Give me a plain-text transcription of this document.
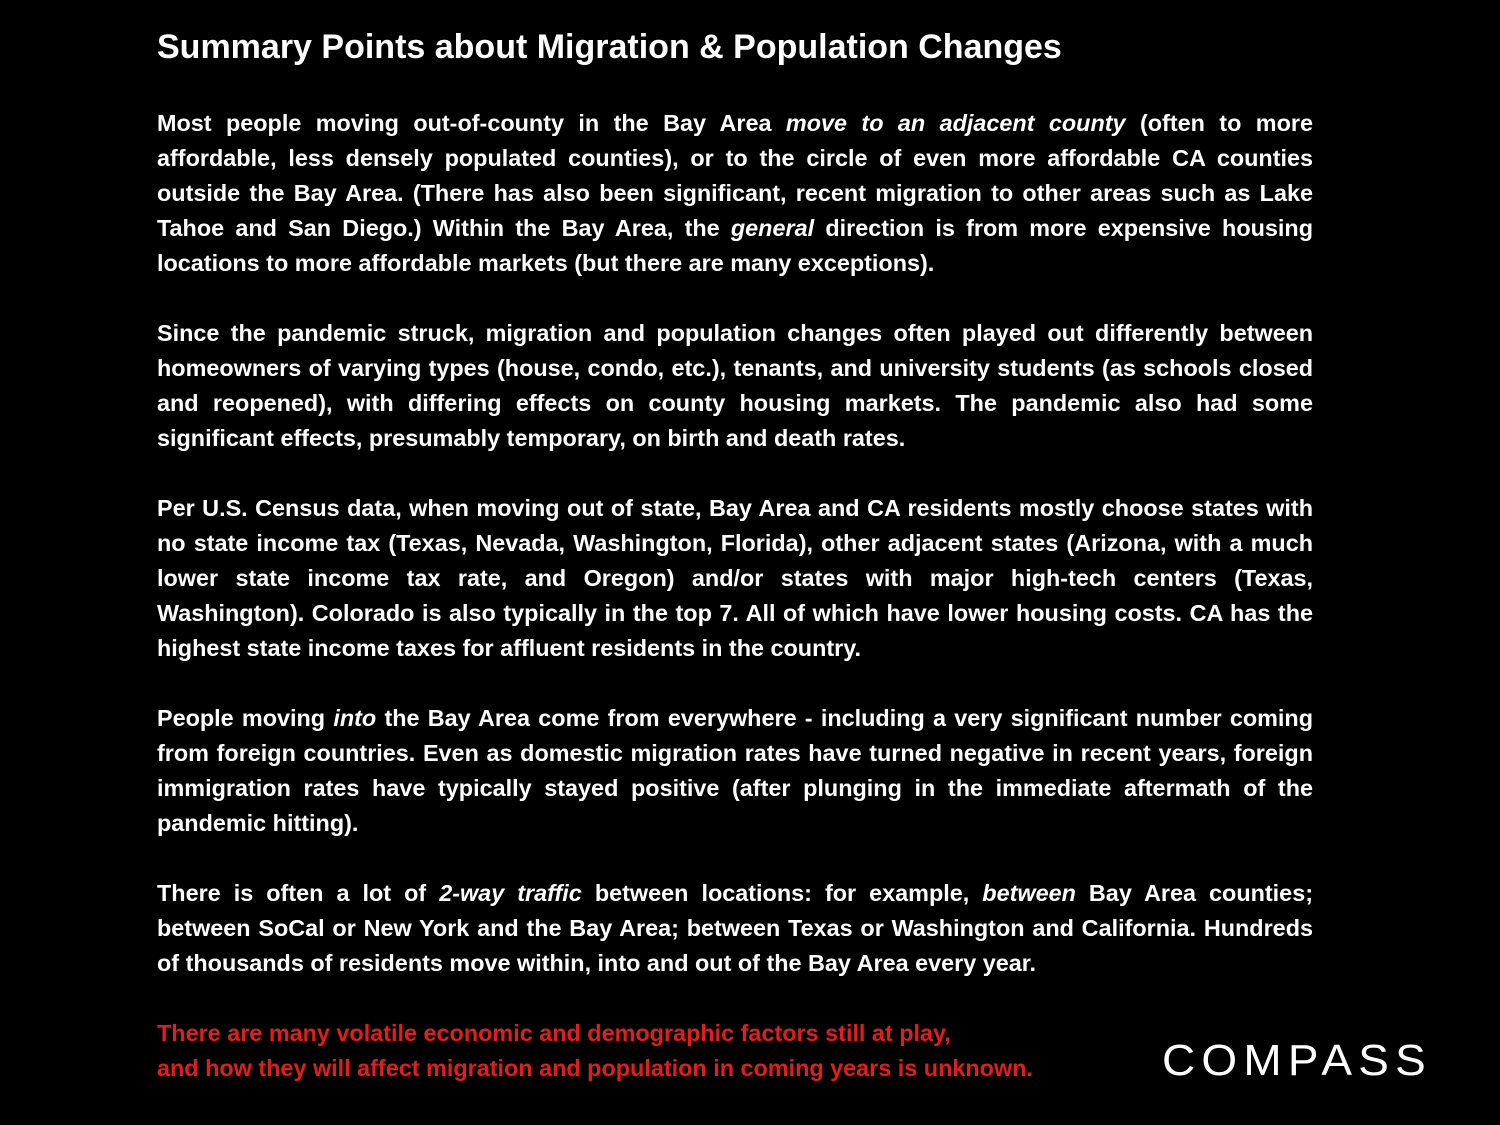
Summary Points about Migration & Population Changes

Most people moving out-of-county in the Bay Area move to an adjacent county (often to more affordable, less densely populated counties), or to the circle of even more affordable CA counties outside the Bay Area. (There has also been significant, recent migration to other areas such as Lake Tahoe and San Diego.) Within the Bay Area, the general direction is from more expensive housing locations to more affordable markets (but there are many exceptions).

Since the pandemic struck, migration and population changes often played out differently between homeowners of varying types (house, condo, etc.), tenants, and university students (as schools closed and reopened), with differing effects on county housing markets. The pandemic also had some significant effects, presumably temporary, on birth and death rates.

Per U.S. Census data, when moving out of state, Bay Area and CA residents mostly choose states with no state income tax (Texas, Nevada, Washington, Florida), other adjacent states (Arizona, with a much lower state income tax rate, and Oregon) and/or states with major high-tech centers (Texas, Washington). Colorado is also typically in the top 7. All of which have lower housing costs. CA has the highest state income taxes for affluent residents in the country.

People moving into the Bay Area come from everywhere - including a very significant number coming from foreign countries. Even as domestic migration rates have turned negative in recent years, foreign immigration rates have typically stayed positive (after plunging in the immediate aftermath of the pandemic hitting).

There is often a lot of 2-way traffic between locations: for example, between Bay Area counties; between SoCal or New York and the Bay Area; between Texas or Washington and California. Hundreds of thousands of residents move within, into and out of the Bay Area every year.

There are many volatile economic and demographic factors still at play,
and how they will affect migration and population in coming years is unknown.	COMPASS
